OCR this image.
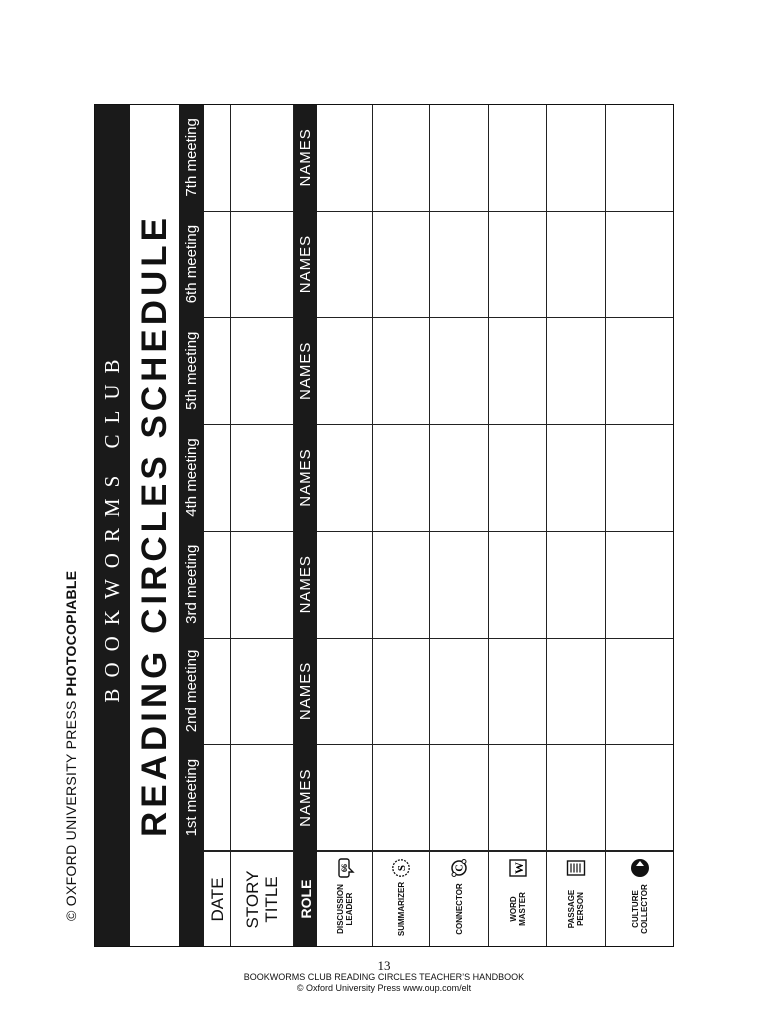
© OXFORD UNIVERSITY PRESS
PHOTOCOPIABLE BOOKWORMS CLUB READING CIRCLES SCHEDULE 1st meeting
2nd meeting
3rd meeting
4th meeting
5th meeting
6th meeting
7th meeting
DATE STORY TITLE ROLE
NAMES
NAMES
NAMES
NAMES
NAMES
NAMES
NAMES
DISCUSSION LEADER
66
SUMMARIZER
S
CONNECTOR
C
WORD MASTER
W
PASSAGE PERSON	CULTURE COLLECTOR
13
BOOKWORMS CLUB READING CIRCLES TEACHER’S HANDBOOK
© Oxford University Press www.oup.com/elt
